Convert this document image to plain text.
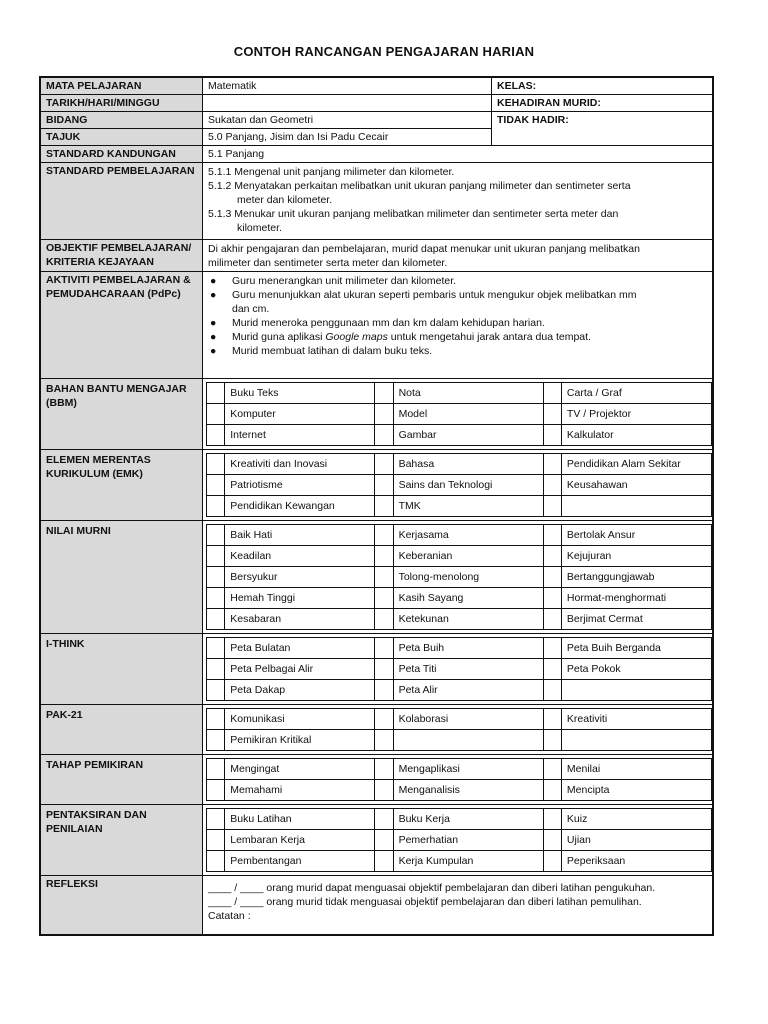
CONTOH RANCANGAN PENGAJARAN HARIAN
MATA PELAJARAN	Matematik
TARIKH/HARI/MINGGU
BIDANG	Sukatan dan Geometri
TAJUK	5.0 Panjang, Jisim dan Isi Padu Cecair
KELAS:
KEHADIRAN MURID:
TIDAK HADIR:
STANDARD KANDUNGAN	5.1 Panjang
STANDARD PEMBELAJARAN	5.1.1 Mengenal unit panjang milimeter dan kilometer.
5.1.2 Menyatakan perkaitan melibatkan unit ukuran panjang milimeter dan sentimeter serta
meter dan kilometer.
5.1.3 Menukar unit ukuran panjang melibatkan milimeter dan sentimeter serta meter dan
kilometer.
OBJEKTIF PEMBELAJARAN/ KRITERIA KEJAYAAN
Di akhir pengajaran dan pembelajaran, murid dapat menukar unit ukuran panjang melibatkan
milimeter dan sentimeter serta meter dan kilometer.
AKTIVITI PEMBELAJARAN & PEMUDAHCARAAN (PdPc)
●	Guru menerangkan unit milimeter dan kilometer.
●	Guru menunjukkan alat ukuran seperti pembaris untuk mengukur objek melibatkan mm
dan cm.
●	Murid meneroka penggunaan mm dan km dalam kehidupan harian.
●	Murid guna aplikasi Google maps untuk mengetahui jarak antara dua tempat.
●	Murid membuat latihan di dalam buku teks.
BAHAN BANTU MENGAJAR (BBM)
	Buku Teks		Nota		Carta / Graf
	Komputer		Model		TV / Projektor
	Internet		Gambar		Kalkulator
ELEMEN MERENTAS KURIKULUM (EMK)
	Kreativiti dan Inovasi		Bahasa		Pendidikan Alam Sekitar
	Patriotisme		Sains dan Teknologi		Keusahawan
	Pendidikan Kewangan		TMK		
NILAI MURNI
		Baik Hati		Kerjasama		Bertolak Ansur
	Keadilan		Keberanian		Kejujuran
	Bersyukur		Tolong-menolong		Bertanggungjawab
	Hemah Tinggi		Kasih Sayang		Hormat-menghormati
	Kesabaran		Ketekunan		Berjimat Cermat
I-THINK
		Peta Bulatan		Peta Buih		Peta Buih Berganda
	Peta Pelbagai Alir		Peta Titi		Peta Pokok
	Peta Dakap		Peta Alir		
PAK-21
		Komunikasi		Kolaborasi		Kreativiti
	Pemikiran Kritikal				
TAHAP PEMIKIRAN
		Mengingat		Mengaplikasi		Menilai
	Memahami		Menganalisis		Mencipta
PENTAKSIRAN DAN PENILAIAN
	Buku Latihan		Buku Kerja		Kuiz
	Lembaran Kerja		Pemerhatian		Ujian
	Pembentangan		Kerja Kumpulan		Peperiksaan
REFLEKSI	____ / ____ orang murid dapat menguasai objektif pembelajaran dan diberi latihan pengukuhan.
____ / ____ orang murid tidak menguasai objektif pembelajaran dan diberi latihan pemulihan.
Catatan :
